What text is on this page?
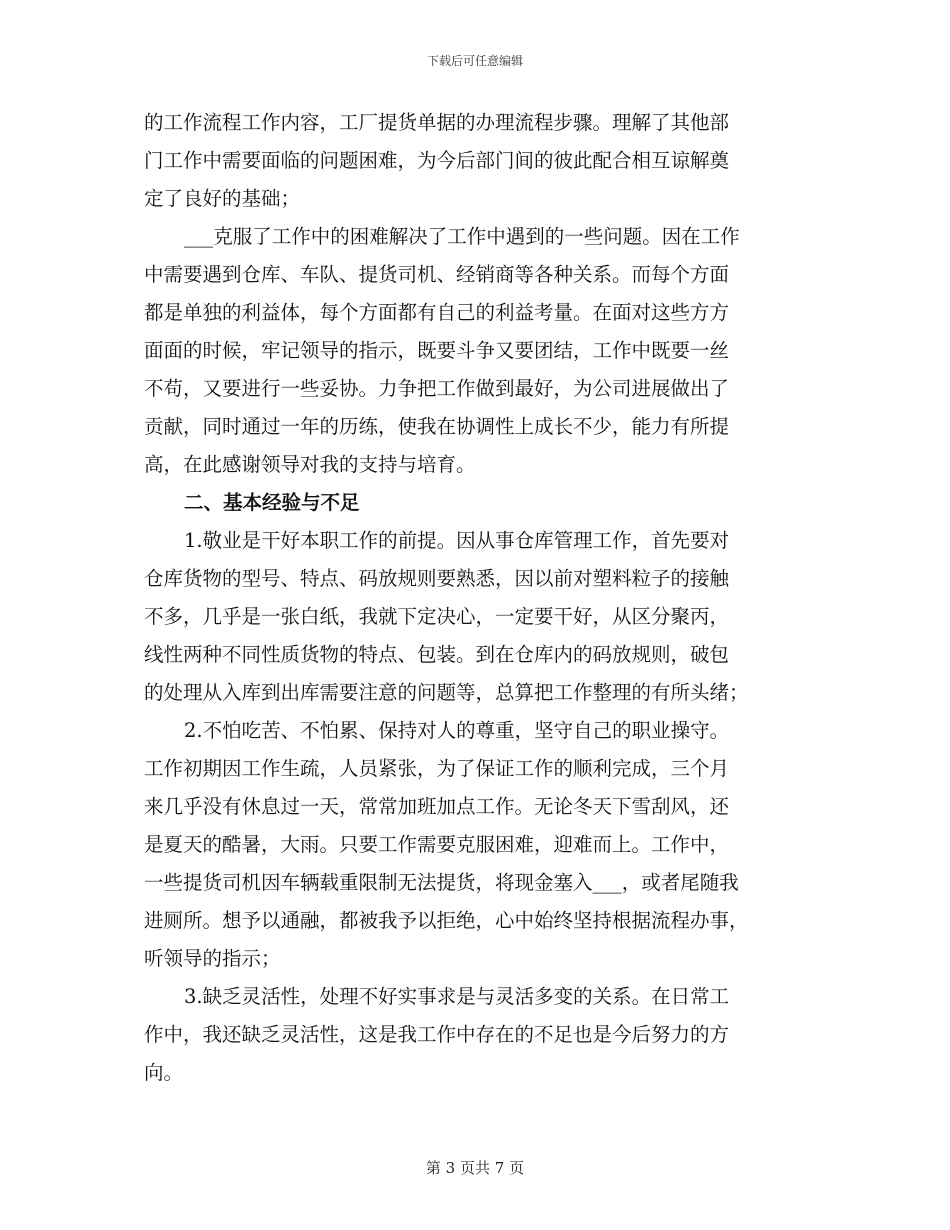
下载后可任意编辑
的工作流程工作内容，工厂提货单据的办理流程步骤。理解了其他部
门工作中需要面临的问题困难，为今后部门间的彼此配合相互谅解奠
定了良好的基础；
___克服了工作中的困难解决了工作中遇到的一些问题。因在工作
中需要遇到仓库、车队、提货司机、经销商等各种关系。而每个方面
都是单独的利益体，每个方面都有自己的利益考量。在面对这些方方
面面的时候，牢记领导的指示，既要斗争又要团结，工作中既要一丝
不苟，又要进行一些妥协。力争把工作做到最好，为公司进展做出了
贡献，同时通过一年的历练，使我在协调性上成长不少，能力有所提
高，在此感谢领导对我的支持与培育。
二、基本经验与不足
1.敬业是干好本职工作的前提。因从事仓库管理工作，首先要对
仓库货物的型号、特点、码放规则要熟悉，因以前对塑料粒子的接触
不多，几乎是一张白纸，我就下定决心，一定要干好，从区分聚丙，
线性两种不同性质货物的特点、包装。到在仓库内的码放规则，破包
的处理从入库到出库需要注意的问题等，总算把工作整理的有所头绪；
2.不怕吃苦、不怕累、保持对人的尊重，坚守自己的职业操守。
工作初期因工作生疏，人员紧张，为了保证工作的顺利完成，三个月
来几乎没有休息过一天，常常加班加点工作。无论冬天下雪刮风，还
是夏天的酷暑，大雨。只要工作需要克服困难，迎难而上。工作中，
一些提货司机因车辆载重限制无法提货，将现金塞入___，或者尾随我
进厕所。想予以通融，都被我予以拒绝，心中始终坚持根据流程办事，
听领导的指示；
3.缺乏灵活性，处理不好实事求是与灵活多变的关系。在日常工
作中，我还缺乏灵活性，这是我工作中存在的不足也是今后努力的方
向。
第 3 页共 7 页
